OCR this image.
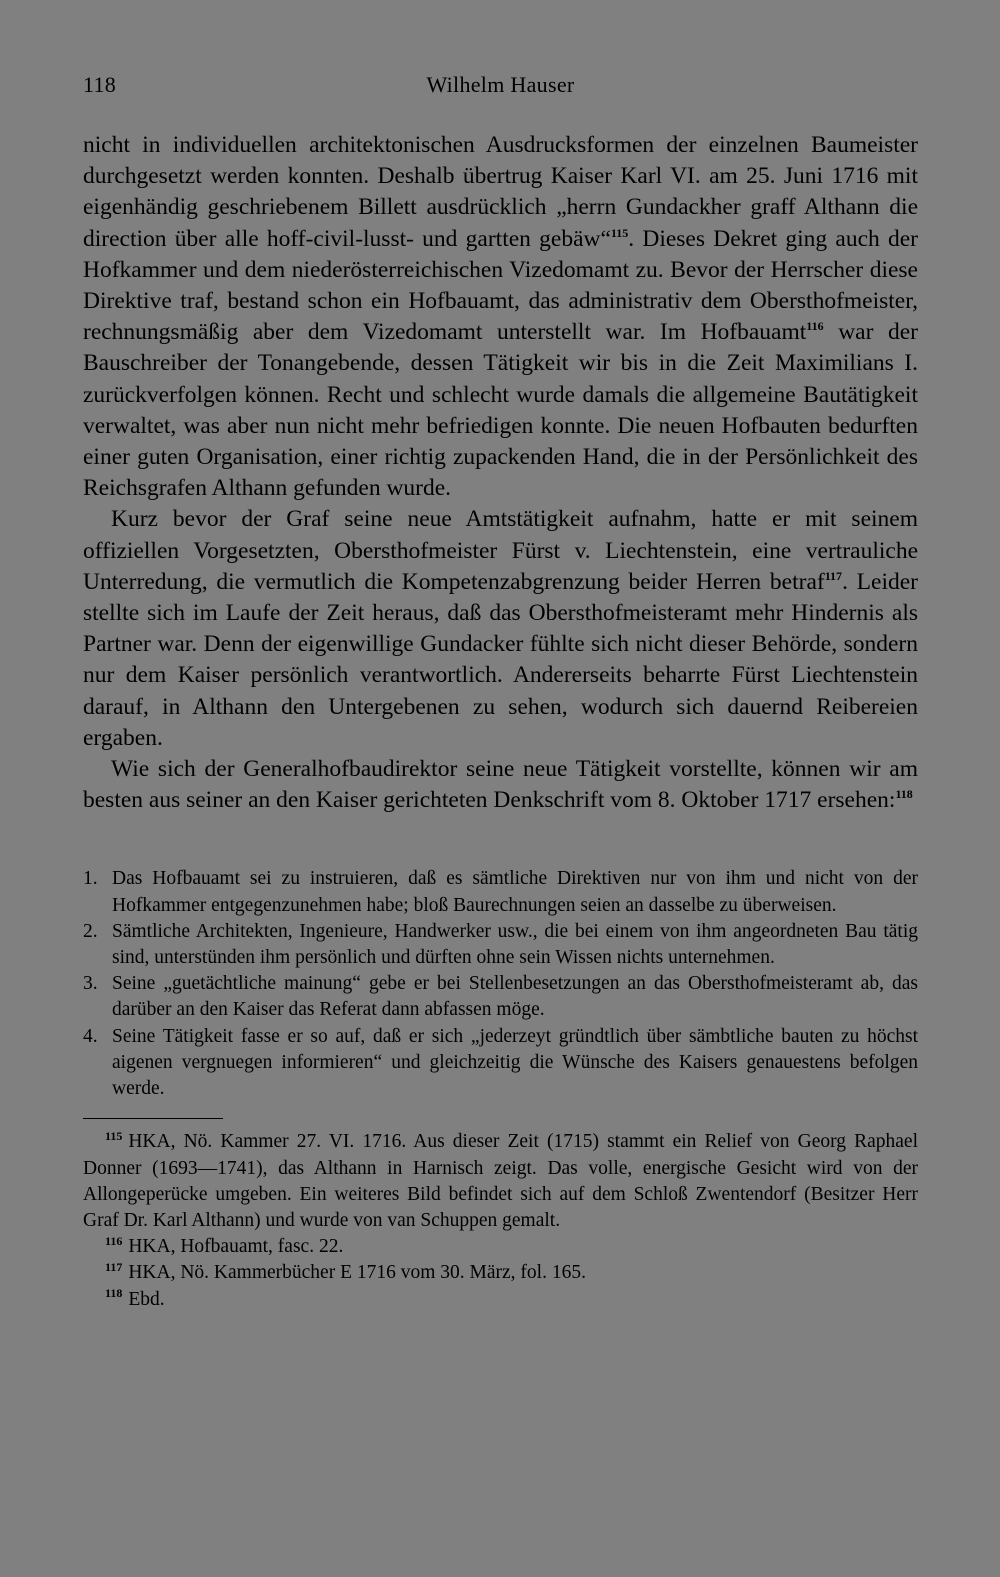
118	Wilhelm Hauser

nicht in individuellen architektonischen Ausdrucksformen der einzelnen Baumeister durchgesetzt werden konnten. Deshalb übertrug Kaiser Karl VI. am 25. Juni 1716 mit eigenhändig geschriebenem Billett ausdrücklich „herrn Gundackher graff Althann die direction über alle hoff-civil-lusst- und gartten gebäw“$^{115}$. Dieses Dekret ging auch der Hofkammer und dem niederösterreichischen Vizedomamt zu. Bevor der Herrscher diese Direktive traf, bestand schon ein Hofbauamt, das administrativ dem Obersthofmeister, rechnungsmäßig aber dem Vizedomamt unterstellt war. Im Hofbauamt$^{116}$ war der Bauschreiber der Tonangebende, dessen Tätigkeit wir bis in die Zeit Maximilians I. zurückverfolgen können. Recht und schlecht wurde damals die allgemeine Bautätigkeit verwaltet, was aber nun nicht mehr befriedigen konnte. Die neuen Hofbauten bedurften einer guten Organisation, einer richtig zupackenden Hand, die in der Persönlichkeit des Reichsgrafen Althann gefunden wurde.

Kurz bevor der Graf seine neue Amtstätigkeit aufnahm, hatte er mit seinem offiziellen Vorgesetzten, Obersthofmeister Fürst v. Liechtenstein, eine vertrauliche Unterredung, die vermutlich die Kompetenzabgrenzung beider Herren betraf$^{117}$. Leider stellte sich im Laufe der Zeit heraus, daß das Obersthofmeisteramt mehr Hindernis als Partner war. Denn der eigenwillige Gundacker fühlte sich nicht dieser Behörde, sondern nur dem Kaiser persönlich verantwortlich. Andererseits beharrte Fürst Liechtenstein darauf, in Althann den Untergebenen zu sehen, wodurch sich dauernd Reibereien ergaben.

Wie sich der Generalhofbaudirektor seine neue Tätigkeit vorstellte, können wir am besten aus seiner an den Kaiser gerichteten Denkschrift vom 8. Oktober 1717 ersehen:$^{118}$

1. Das Hofbauamt sei zu instruieren, daß es sämtliche Direktiven nur von ihm und nicht von der Hofkammer entgegenzunehmen habe; bloß Baurechnungen seien an dasselbe zu überweisen.
2. Sämtliche Architekten, Ingenieure, Handwerker usw., die bei einem von ihm angeordneten Bau tätig sind, unterstünden ihm persönlich und dürften ohne sein Wissen nichts unternehmen.
3. Seine „guetächtliche mainung“ gebe er bei Stellenbesetzungen an das Obersthofmeisteramt ab, das darüber an den Kaiser das Referat dann abfassen möge.
4. Seine Tätigkeit fasse er so auf, daß er sich „jederzeyt gründtlich über sämbtliche bauten zu höchst aigenen vergnuegen informieren“ und gleichzeitig die Wünsche des Kaisers genauestens befolgen werde.

115 HKA, Nö. Kammer 27. VI. 1716. Aus dieser Zeit (1715) stammt ein Relief von Georg Raphael Donner (1693—1741), das Althann in Harnisch zeigt. Das volle, energische Gesicht wird von der Allongeperücke umgeben. Ein weiteres Bild befindet sich auf dem Schloß Zwentendorf (Besitzer Herr Graf Dr. Karl Althann) und wurde von van Schuppen gemalt.

116 HKA, Hofbauamt, fasc. 22.

117 HKA, Nö. Kammerbücher E 1716 vom 30. März, fol. 165.

118 Ebd.
